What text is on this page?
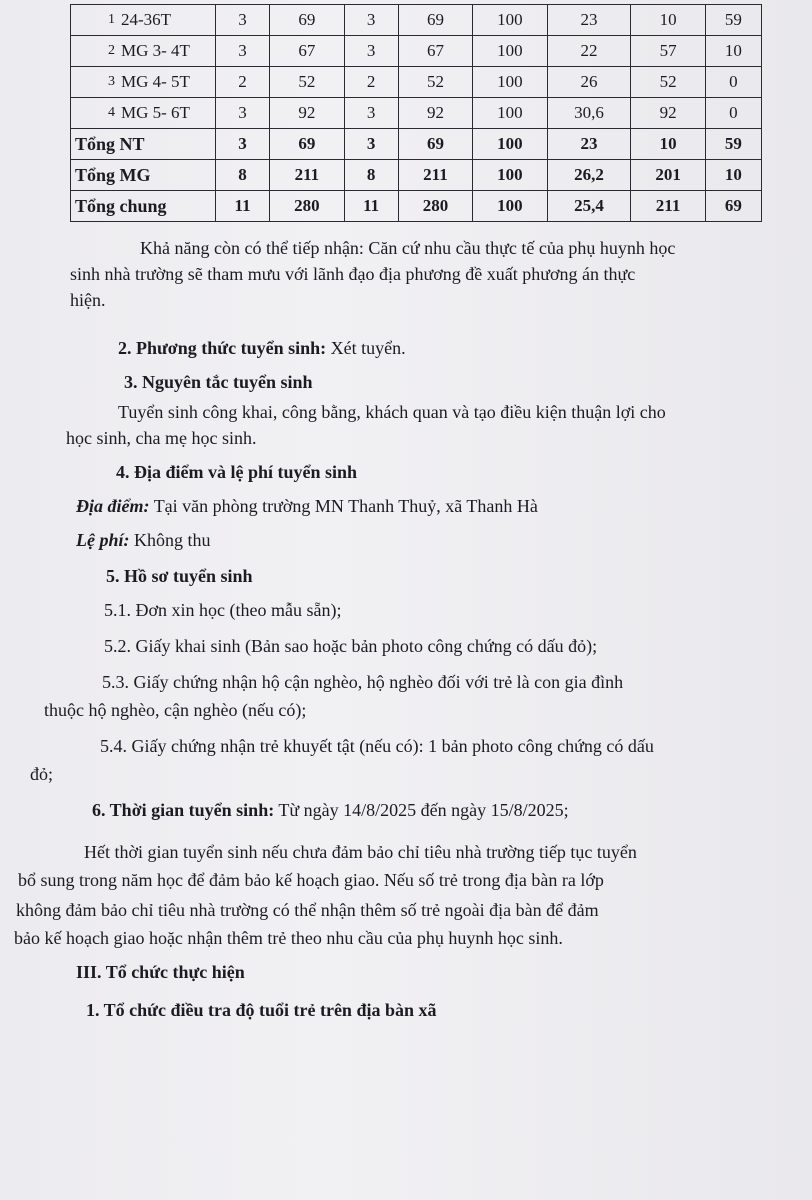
1	24-36T	3	69	3	69	100	23	10	59
2	MG 3- 4T	3	67	3	67	100	22	57	10
3	MG 4- 5T	2	52	2	52	100	26	52	0
4	MG 5- 6T	3	92	3	92	100	30,6	92	0
Tổng NT		3	69	3	69	100	23	10	59
Tổng MG		8	211	8	211	100	26,2	201	10
Tổng chung		11	280	11	280	100	25,4	211	69
Khả năng còn có thể tiếp nhận: Căn cứ nhu cầu thực tế của phụ huynh học
sinh nhà trường sẽ tham mưu với lãnh đạo địa phương đề xuất phương án thực
hiện.
2. Phương thức tuyển sinh: Xét tuyển.
3. Nguyên tắc tuyển sinh
Tuyển sinh công khai, công bằng, khách quan và tạo điều kiện thuận lợi cho
học sinh, cha mẹ học sinh.
4. Địa điểm và lệ phí tuyển sinh
Địa điểm: Tại văn phòng trường MN Thanh Thuỷ, xã Thanh Hà
Lệ phí: Không thu
5. Hồ sơ tuyển sinh
5.1. Đơn xin học (theo mẫu sẵn);
5.2. Giấy khai sinh (Bản sao hoặc bản photo công chứng có dấu đỏ);
5.3. Giấy chứng nhận hộ cận nghèo, hộ nghèo đối với trẻ là con gia đình
thuộc hộ nghèo, cận nghèo (nếu có);
5.4. Giấy chứng nhận trẻ khuyết tật (nếu có): 1 bản photo công chứng có dấu
đỏ;
6. Thời gian tuyển sinh: Từ ngày 14/8/2025 đến ngày 15/8/2025;
Hết thời gian tuyển sinh nếu chưa đảm bảo chỉ tiêu nhà trường tiếp tục tuyển
bổ sung trong năm học để đảm bảo kế hoạch giao. Nếu số trẻ trong địa bàn ra lớp
không đảm bảo chỉ tiêu nhà trường có thể nhận thêm số trẻ ngoài địa bàn để đảm
bảo kế hoạch giao hoặc nhận thêm trẻ theo nhu cầu của phụ huynh học sinh.
III. Tổ chức thực hiện
1. Tổ chức điều tra độ tuổi trẻ trên địa bàn xã
